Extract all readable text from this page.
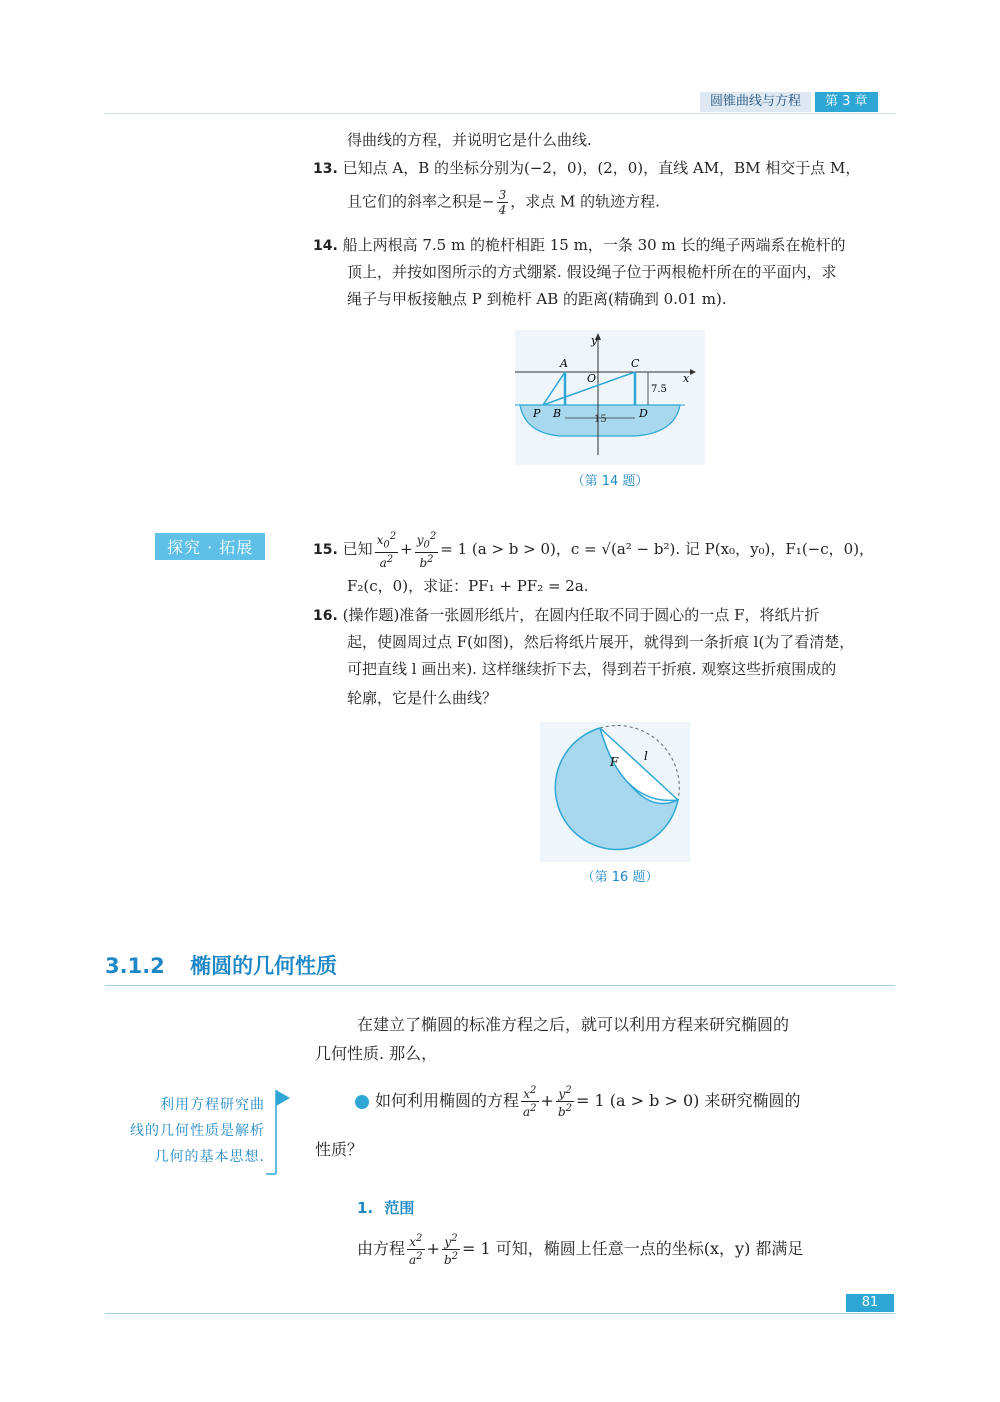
圆锥曲线与方程	第 3 章
得曲线的方程，并说明它是什么曲线.
13. 已知点 A，B 的坐标分别为(−2，0)，(2，0)，直线 AM，BM 相交于点 M，
且它们的斜率之积是− $\frac{3}{4}$ ，求点 M 的轨迹方程.
14. 船上两根高 7.5 m 的桅杆相距 15 m，一条 30 m 长的绳子两端系在桅杆的
顶上，并按如图所示的方式绷紧. 假设绳子位于两根桅杆所在的平面内，求
绳子与甲板接触点 P 到桅杆 AB 的距离(精确到 0.01 m).
A	C
O
y
x
P B	D
7.5
15
（第 14 题）
探究 · 拓展	15. 已知 $\frac{x_0^2}{a^2} + \frac{y_0^2}{b^2} = 1$ (a > b > 0)，c = √(a² − b²). 记 P(x₀，y₀)，F₁(−c，0)，
F₂(c，0)，求证：PF₁ + PF₂ = 2a.
16. (操作题)准备一张圆形纸片，在圆内任取不同于圆心的一点 F，将纸片折
起，使圆周过点 F(如图)，然后将纸片展开，就得到一条折痕 l(为了看清楚，
可把直线 l 画出来). 这样继续折下去，得到若干折痕. 观察这些折痕围成的
轮廓，它是什么曲线？
F l
（第 16 题）
3.1.2 椭圆的几何性质
在建立了椭圆的标准方程之后，就可以利用方程来研究椭圆的
几何性质. 那么，
利用方程研究曲
线的几何性质是解析
几何的基本思想.
如何利用椭圆的方程 $\frac{x^2}{a^2} + \frac{y^2}{b^2} = 1$ (a > b > 0) 来研究椭圆的
性质？
1. 范围
由方程 $\frac{x^2}{a^2} + \frac{y^2}{b^2} = 1$ 可知，椭圆上任意一点的坐标(x，y) 都满足
81
